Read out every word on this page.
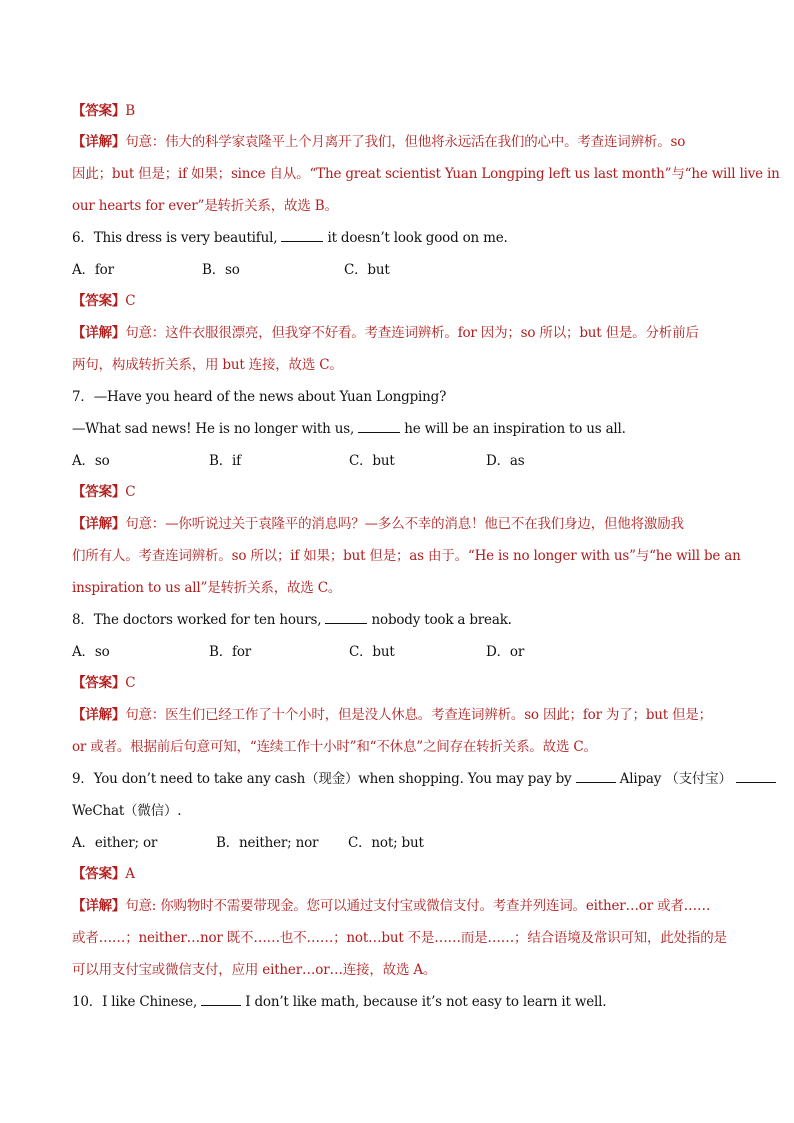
【答案】B
【详解】句意：伟大的科学家袁隆平上个月离开了我们，但他将永远活在我们的心中。考查连词辨析。so
因此；but 但是；if 如果；since 自从。“The great scientist Yuan Longping left us last month”与“he will live in
our hearts for ever”是转折关系，故选 B。
6．This dress is very beautiful,	it doesn’t look good on me.
A．for	B．so	C．but
【答案】C
【详解】句意：这件衣服很漂亮，但我穿不好看。考查连词辨析。for 因为；so 所以；but 但是。分析前后
两句，构成转折关系，用 but 连接，故选 C。
7．—Have you heard of the news about Yuan Longping?
—What sad news! He is no longer with us,	he will be an inspiration to us all.
A．so	B．if	C．but	D．as
【答案】C
【详解】句意：—你听说过关于袁隆平的消息吗？—多么不幸的消息！他已不在我们身边，但他将激励我
们所有人。考查连词辨析。so 所以；if 如果；but 但是；as 由于。“He is no longer with us”与“he will be an
inspiration to us all”是转折关系，故选 C。
8．The doctors worked for ten hours,	nobody took a break.
A．so	B．for	C．but	D．or
【答案】C
【详解】句意：医生们已经工作了十个小时，但是没人休息。考查连词辨析。so 因此；for 为了；but 但是；
or 或者。根据前后句意可知，“连续工作十小时”和“不休息”之间存在转折关系。故选 C。
9．You don’t need to take any cash（现金）when shopping. You may pay by	Alipay （支付宝）
WeChat（微信）.
A．either; or	B．neither; nor C．not; but
【答案】A
【详解】句意: 你购物时不需要带现金。您可以通过支付宝或微信支付。考查并列连词。either…or 或者……
或者……；neither…nor 既不……也不……；not…but 不是……而是……；结合语境及常识可知，此处指的是
可以用支付宝或微信支付，应用 either…or…连接，故选 A。
10．I like Chinese,	I don’t like math, because it’s not easy to learn it well.
